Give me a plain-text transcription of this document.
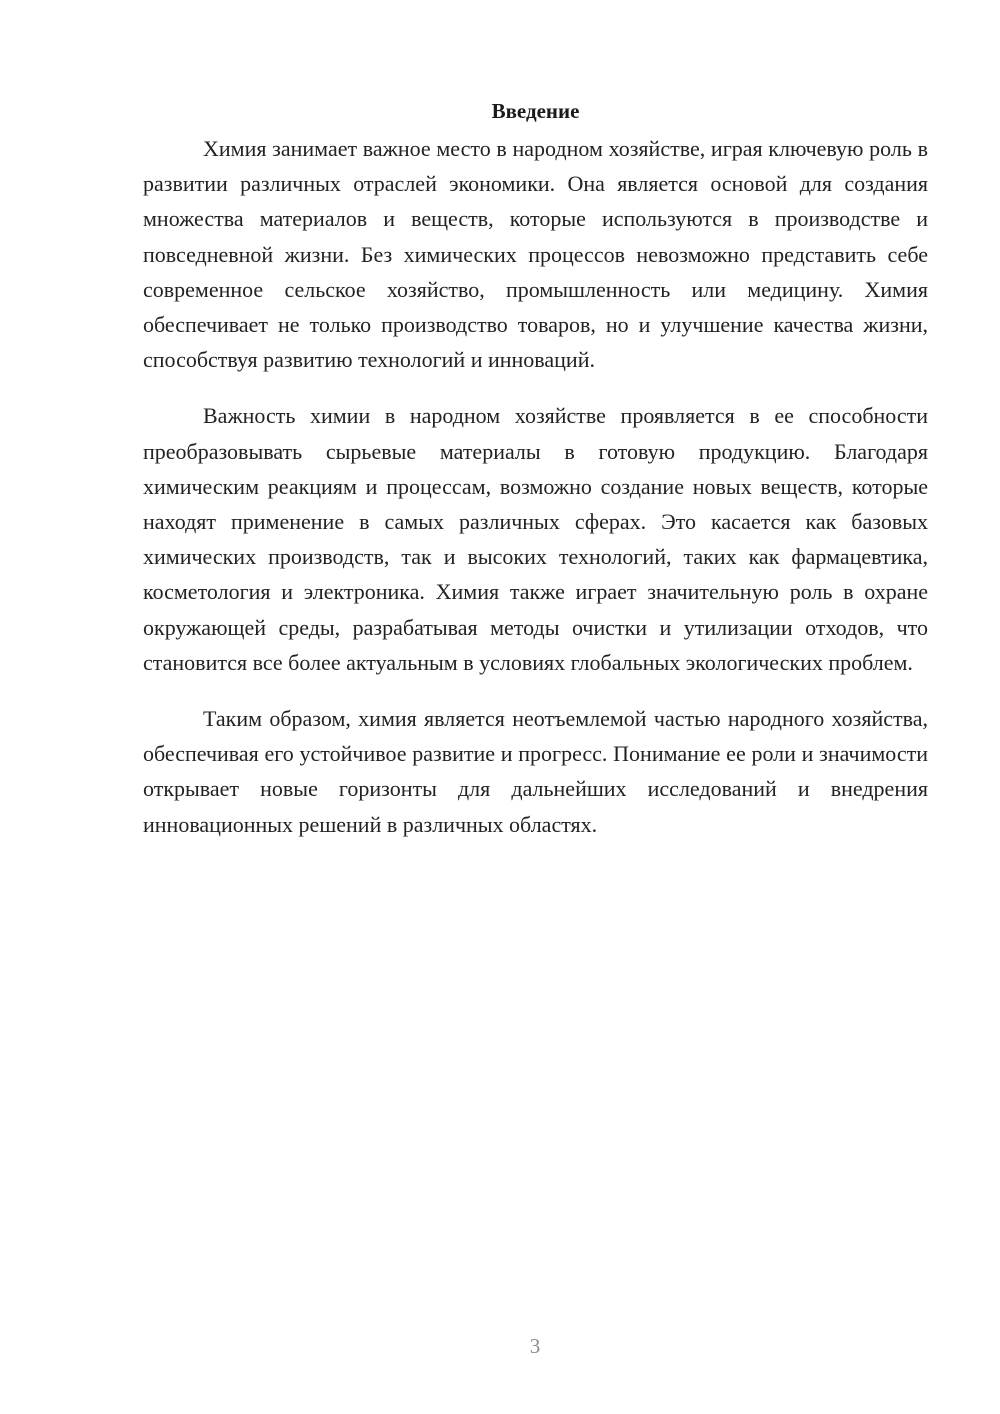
Введение

Химия занимает важное место в народном хозяйстве, играя ключевую роль в развитии различных отраслей экономики. Она является основой для создания множества материалов и веществ, которые используются в производстве и повседневной жизни. Без химических процессов невозможно представить себе современное сельское хозяйство, промышленность или медицину. Химия обеспечивает не только производство товаров, но и улучшение качества жизни, способствуя развитию технологий и инноваций.

Важность химии в народном хозяйстве проявляется в ее способности преобразовывать сырьевые материалы в готовую продукцию. Благодаря химическим реакциям и процессам, возможно создание новых веществ, которые находят применение в самых различных сферах. Это касается как базовых химических производств, так и высоких технологий, таких как фармацевтика, косметология и электроника. Химия также играет значительную роль в охране окружающей среды, разрабатывая методы очистки и утилизации отходов, что становится все более актуальным в условиях глобальных экологических проблем.

Таким образом, химия является неотъемлемой частью народного хозяйства, обеспечивая его устойчивое развитие и прогресс. Понимание ее роли и значимости открывает новые горизонты для дальнейших исследований и внедрения инновационных решений в различных областях.

3
